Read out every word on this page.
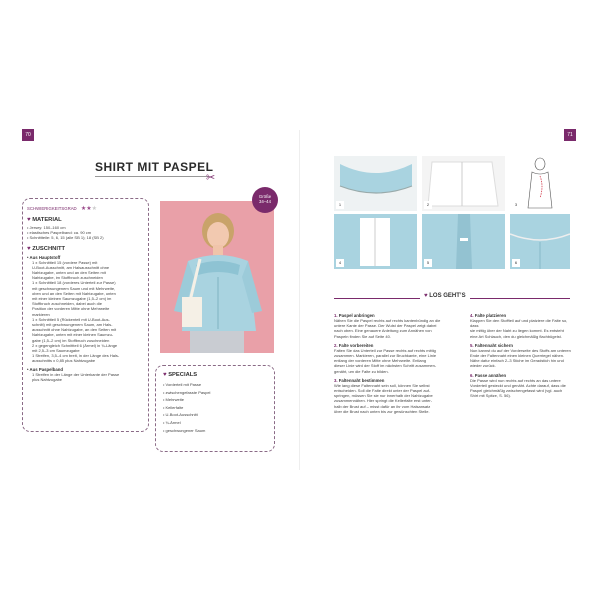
70	71
SHIRT MIT PASPEL
✂
SCHWIERIGKEITSGRAD ★★★
♥ MATERIAL
• Jersey: 150–160 cm
• elastisches Paspelband: ca. 90 cm
• Schnittteile: 5, 6, 15 (alle SB 1); 18 (SB 2)
♥ ZUSCHNITT
• Aus Hauptstoff
1 x Schnittteil 15 (vordere Passe) mit
U-Boot-Ausschnitt, am Halsausschnitt ohne
Nahtzugabe, unten und an den Seiten mit
Nahtzugabe, im Stoffbruch zuschneiden
1 x Schnittteil 18 (vorderes Unterteil zur Passe)
mit geschwungenem Saum und mit Mehrweite,
oben und an den Seiten mit Nahtzugabe, unten
mit einer kleinen Saumzugabe (1,5–2 cm) im
Stoffbruch zuschneiden, dabei auch die
Position der vorderen Mitte ohne Mehrweite
markieren
1 x Schnittteil 5 (Rückenteil mit U-Boot-Aus-
schnitt) mit geschwungenem Saum, am Hals-
ausschnitt ohne Nahtzugabe, an den Seiten mit
Nahtzugabe, unten mit einer kleinen Saumzu-
gabe (1,5–2 cm) im Stoffbruch zuschneiden
2 x gegengleich Schnittteil 6 (Ärmel) in ¾-Länge
mit 2,5–3 cm Saumzugabe
1 Streifen, 3,5–4 cm breit, in der Länge des Hals-
ausschnitts x 0,85 plus Nahtzugabe
• Aus Paspelband
1 Streifen in der Länge der Unterkante der Passe
plus Nahtzugabe
Größe
34–44
♥ SPECIALS
• Vorderteil mit Passe
• zwischengefasste Paspel
• Mehrweite
• Kellerfalte
• U-Boot-Ausschnitt
• ¾-Ärmel
• geschwungener Saum
1	2	3
4	5	6
♥ LOS GEHT’S
1. Paspel anbringen
Nähen Sie die Paspel rechts auf rechts kantenbündig an die
untere Kante der Passe. Der Wulst der Paspel zeigt dabei
nach oben. Eine genauere Anleitung zum Annähen von
Paspeln finden Sie auf Seite 40.
2. Falte vorbereiten
Falten Sie das Unterteil zur Passe rechts auf rechts mittig
zusammen. Markieren, parallel zur Bruchkante, eine Linie
entlang der vorderen Mitte ohne Mehrweite. Entlang
dieser Linie wird der Stoff im nächsten Schritt zusammen-
genäht, um die Falte zu bilden.
3. Faltennaht bestimmen
Wie lang diese Faltennaht sein soll, können Sie selbst
entscheiden. Soll die Falte direkt unter der Paspel auf-
springen, müssen Sie sie nur innerhalb der Nahtzugabe
zusammennähen. Hier springt die Kellerfalte erst unter-
halb der Brust auf – misst dafür an ihr vom Halsansatz
über die Brust nach unten bis zur gewünschten Stelle.
4. Falte platzieren
Klappen Sie den Stoffteil auf und platziere die Falte so, dass
sie mittig über der Naht zu liegen kommt. Es entsteht
eine Art Schlauch, den du gleichmäßig flachbügelst.
5. Faltennaht sichern
Nun kannst du auf der Vorderseite des Stoffs am unteren
Ende der Faltennaht einen kleinen Querriegel nähen.
Nähe dafur einfach 2–3 Stiche im Geradstich hin und
wieder zurück.
6. Passe annähen
Die Passe wird nun rechts auf rechts an das untere
Vorderteil gesteckt und genäht. Achte darauf, dass die
Paspel gleichmäßig zwischengefasst wird (vgl. auch
Shirt mit Spitze, S. 56).
